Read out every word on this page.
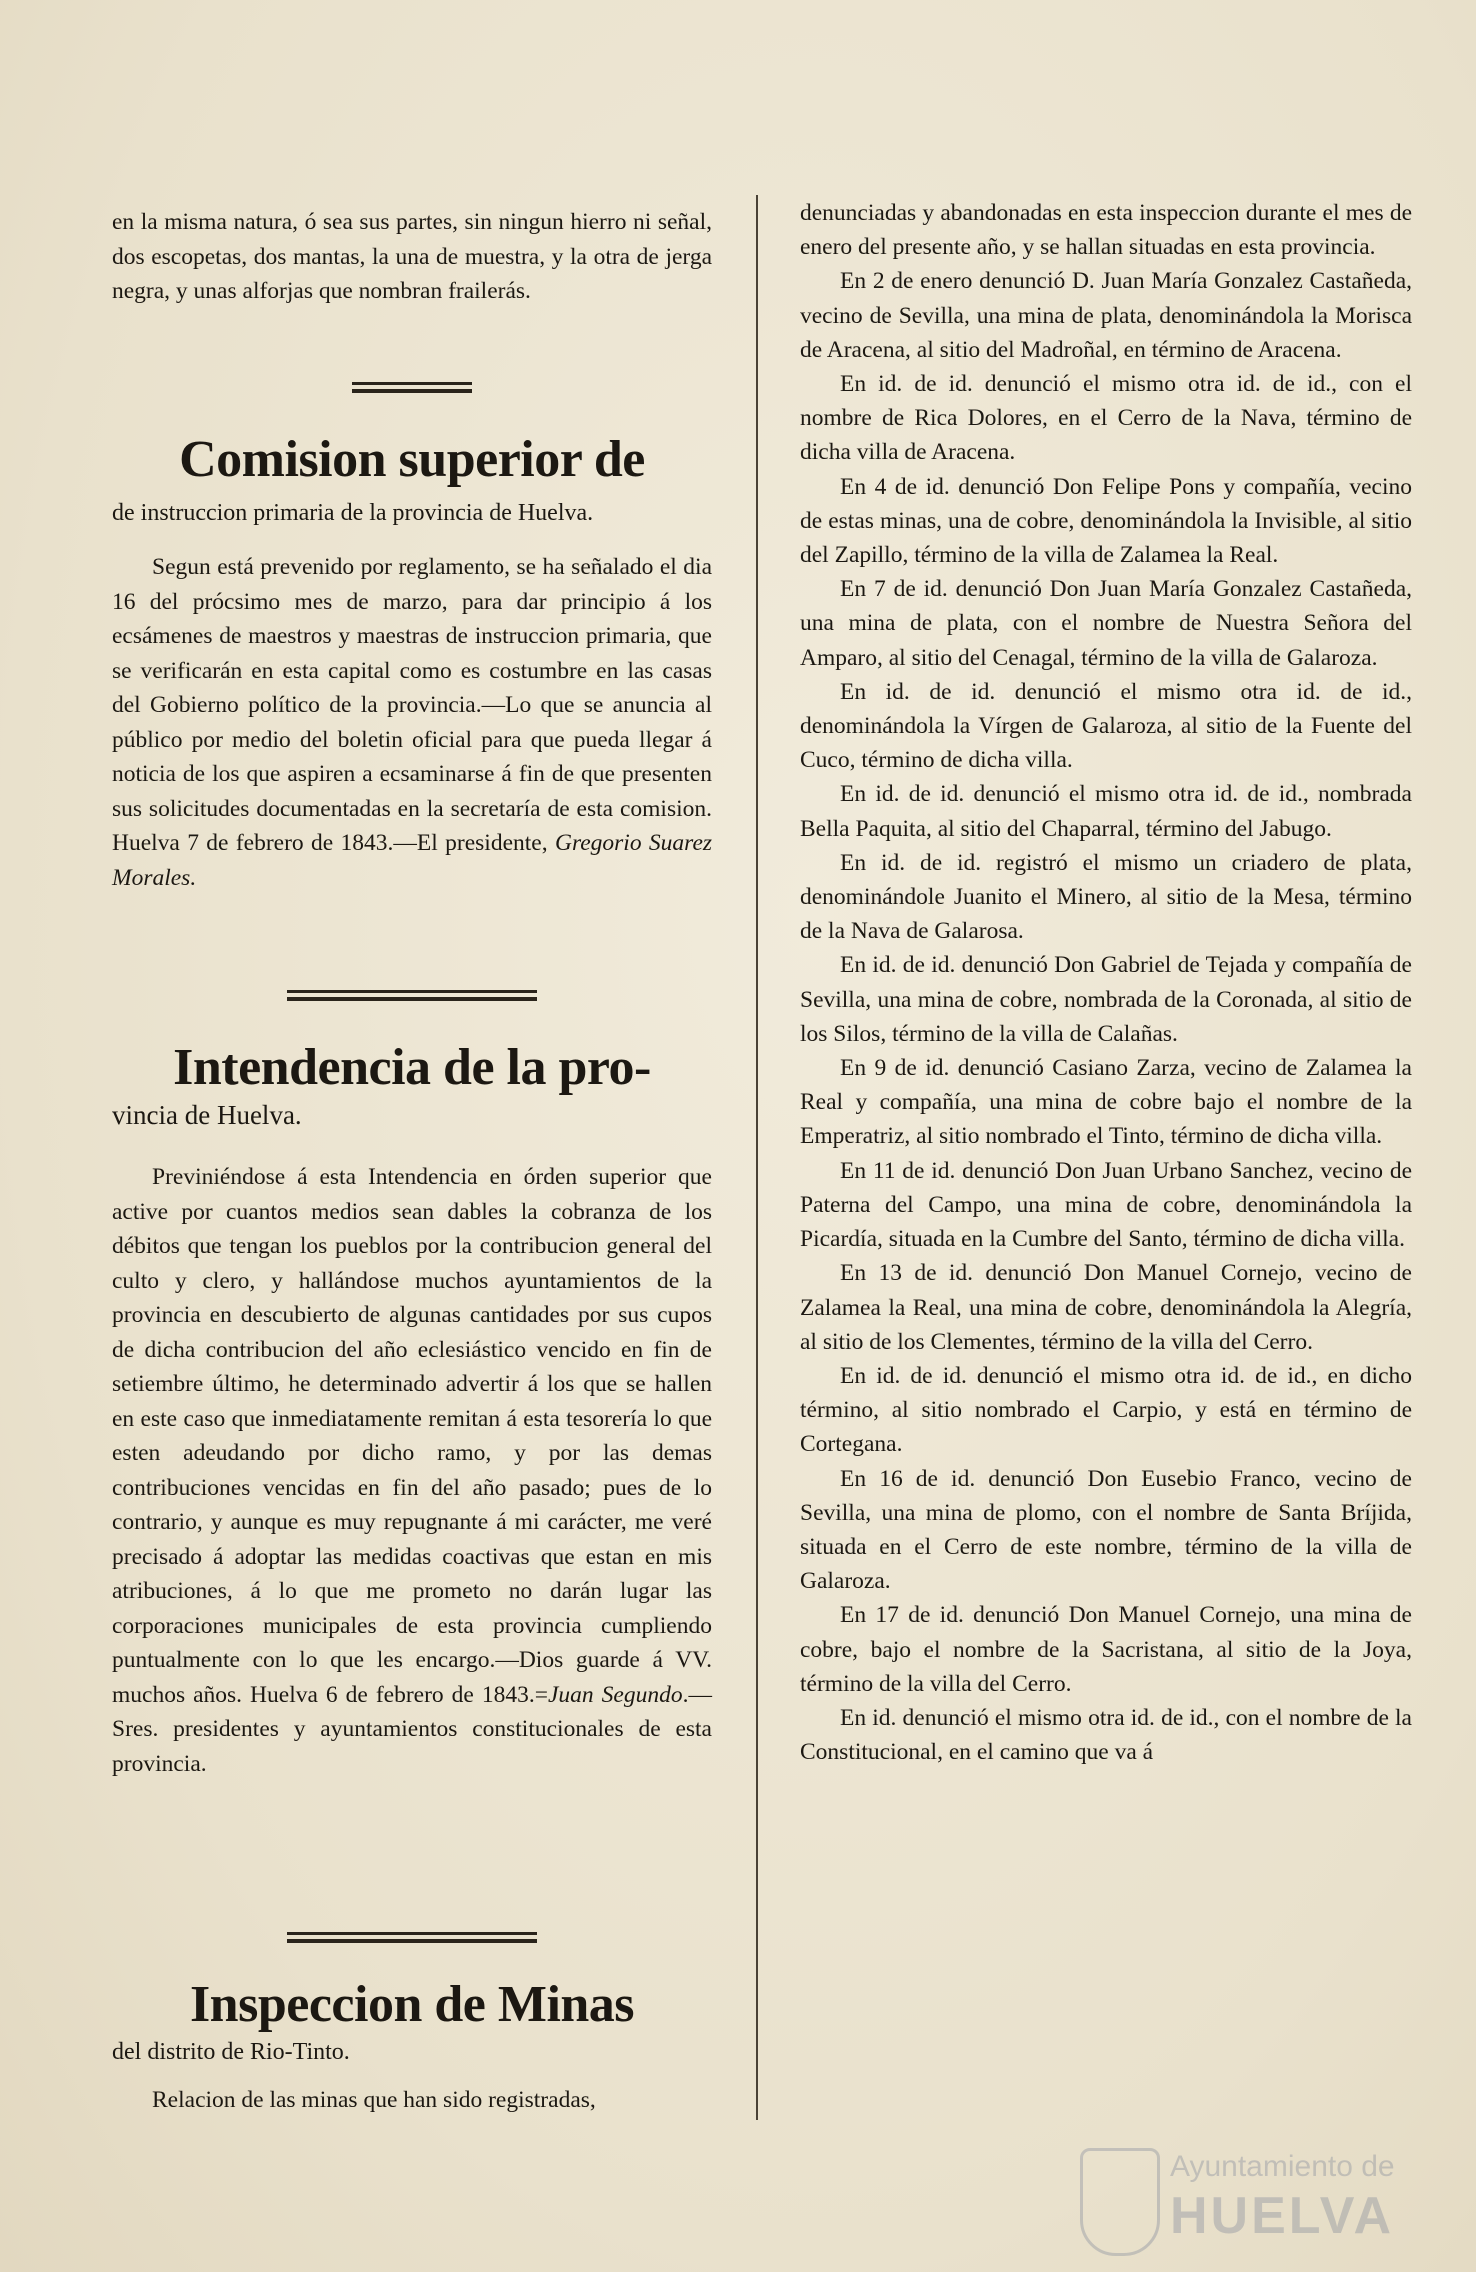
en la misma natura, ó sea sus partes, sin ningun hierro ni señal, dos escopetas, dos mantas, la una de muestra, y la otra de jerga negra, y unas alforjas que nombran frailerás.

Comision superior de

de instruccion primaria de la provincia de Huelva.

Segun está prevenido por reglamento, se ha señalado el dia 16 del prócsimo mes de marzo, para dar principio á los ecsámenes de maestros y maestras de instruccion primaria, que se verificarán en esta capital como es costumbre en las casas del Gobierno político de la provincia.—Lo que se anuncia al público por medio del boletin oficial para que pueda llegar á noticia de los que aspiren a ecsaminarse á fin de que presenten sus solicitudes documentadas en la secretaría de esta comision. Huelva 7 de febrero de 1843.—El presidente, Gregorio Suarez Morales.

Intendencia de la pro-

vincia de Huelva.

Previniéndose á esta Intendencia en órden superior que active por cuantos medios sean dables la cobranza de los débitos que tengan los pueblos por la contribucion general del culto y clero, y hallándose muchos ayuntamientos de la provincia en descubierto de algunas cantidades por sus cupos de dicha contribucion del año eclesiástico vencido en fin de setiembre último, he determinado advertir á los que se hallen en este caso que inmediatamente remitan á esta tesorería lo que esten adeudando por dicho ramo, y por las demas contribuciones vencidas en fin del año pasado; pues de lo contrario, y aunque es muy repugnante á mi carácter, me veré precisado á adoptar las medidas coactivas que estan en mis atribuciones, á lo que me prometo no darán lugar las corporaciones municipales de esta provincia cumpliendo puntualmente con lo que les encargo.—Dios guarde á VV. muchos años. Huelva 6 de febrero de 1843.=Juan Segundo.—Sres. presidentes y ayuntamientos constitucionales de esta provincia.

Inspeccion de Minas

del distrito de Rio-Tinto.

Relacion de las minas que han sido registradas,

denunciadas y abandonadas en esta inspeccion durante el mes de enero del presente año, y se hallan situadas en esta provincia.

En 2 de enero denunció D. Juan María Gonzalez Castañeda, vecino de Sevilla, una mina de plata, denominándola la Morisca de Aracena, al sitio del Madroñal, en término de Aracena.

En id. de id. denunció el mismo otra id. de id., con el nombre de Rica Dolores, en el Cerro de la Nava, término de dicha villa de Aracena.

En 4 de id. denunció Don Felipe Pons y compañía, vecino de estas minas, una de cobre, denominándola la Invisible, al sitio del Zapillo, término de la villa de Zalamea la Real.

En 7 de id. denunció Don Juan María Gonzalez Castañeda, una mina de plata, con el nombre de Nuestra Señora del Amparo, al sitio del Cenagal, término de la villa de Galaroza.

En id. de id. denunció el mismo otra id. de id., denominándola la Vírgen de Galaroza, al sitio de la Fuente del Cuco, término de dicha villa.

En id. de id. denunció el mismo otra id. de id., nombrada Bella Paquita, al sitio del Chaparral, término del Jabugo.

En id. de id. registró el mismo un criadero de plata, denominándole Juanito el Minero, al sitio de la Mesa, término de la Nava de Galarosa.

En id. de id. denunció Don Gabriel de Tejada y compañía de Sevilla, una mina de cobre, nombrada de la Coronada, al sitio de los Silos, término de la villa de Calañas.

En 9 de id. denunció Casiano Zarza, vecino de Zalamea la Real y compañía, una mina de cobre bajo el nombre de la Emperatriz, al sitio nombrado el Tinto, término de dicha villa.

En 11 de id. denunció Don Juan Urbano Sanchez, vecino de Paterna del Campo, una mina de cobre, denominándola la Picardía, situada en la Cumbre del Santo, término de dicha villa.

En 13 de id. denunció Don Manuel Cornejo, vecino de Zalamea la Real, una mina de cobre, denominándola la Alegría, al sitio de los Clementes, término de la villa del Cerro.

En id. de id. denunció el mismo otra id. de id., en dicho término, al sitio nombrado el Carpio, y está en término de Cortegana.

En 16 de id. denunció Don Eusebio Franco, vecino de Sevilla, una mina de plomo, con el nombre de Santa Bríjida, situada en el Cerro de este nombre, término de la villa de Galaroza.

En 17 de id. denunció Don Manuel Cornejo, una mina de cobre, bajo el nombre de la Sacristana, al sitio de la Joya, término de la villa del Cerro.

En id. denunció el mismo otra id. de id., con el nombre de la Constitucional, en el camino que va á

Ayuntamiento de
HUELVA
